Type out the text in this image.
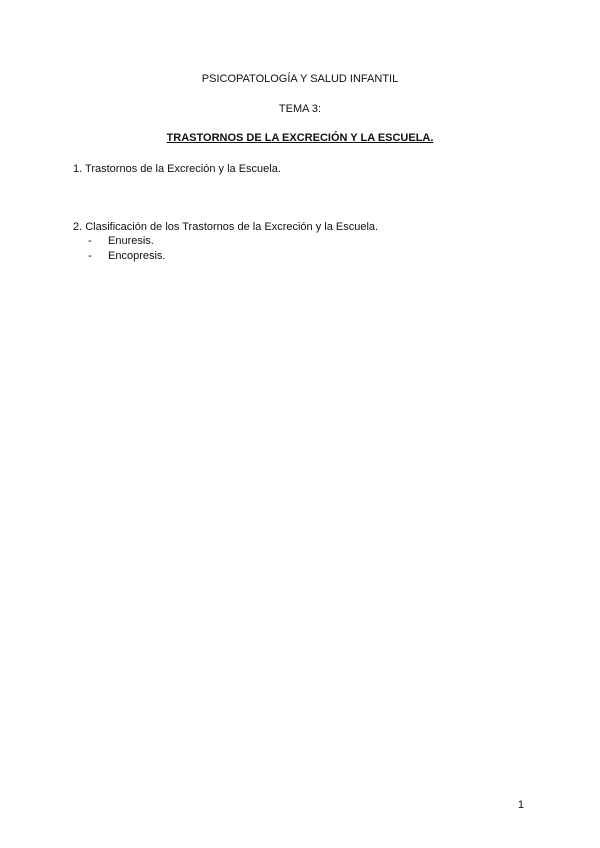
PSICOPATOLOGÍA Y SALUD INFANTIL
TEMA 3:
TRASTORNOS DE LA EXCRECIÓN Y LA ESCUELA.
1. Trastornos de la Excreción y la Escuela.
2. Clasificación de los Trastornos de la Excreción y la Escuela.
- Enuresis.
- Encopresis.
1
